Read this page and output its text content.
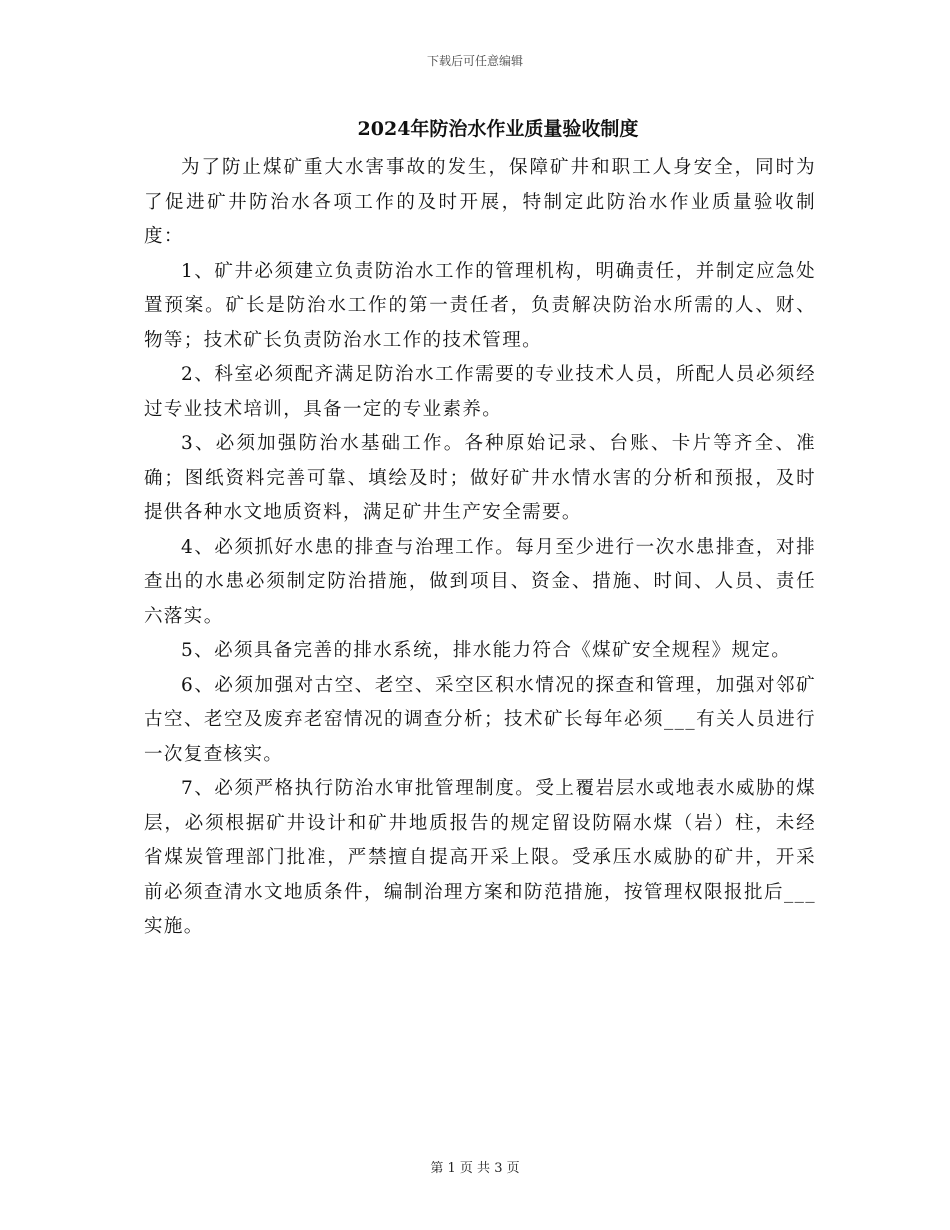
下载后可任意编辑
2024年防治水作业质量验收制度

为了防止煤矿重大水害事故的发生，保障矿井和职工人身安全，同时为了促进矿井防治水各项工作的及时开展，特制定此防治水作业质量验收制度：

1、矿井必须建立负责防治水工作的管理机构，明确责任，并制定应急处置预案。矿长是防治水工作的第一责任者，负责解决防治水所需的人、财、物等；技术矿长负责防治水工作的技术管理。

2、科室必须配齐满足防治水工作需要的专业技术人员，所配人员必须经过专业技术培训，具备一定的专业素养。

3、必须加强防治水基础工作。各种原始记录、台账、卡片等齐全、准确；图纸资料完善可靠、填绘及时；做好矿井水情水害的分析和预报，及时提供各种水文地质资料，满足矿井生产安全需要。

4、必须抓好水患的排查与治理工作。每月至少进行一次水患排查，对排查出的水患必须制定防治措施，做到项目、资金、措施、时间、人员、责任六落实。

5、必须具备完善的排水系统，排水能力符合《煤矿安全规程》规定。

6、必须加强对古空、老空、采空区积水情况的探查和管理，加强对邻矿古空、老空及废弃老窑情况的调查分析；技术矿长每年必须___有关人员进行一次复查核实。

7、必须严格执行防治水审批管理制度。受上覆岩层水或地表水威胁的煤层，必须根据矿井设计和矿井地质报告的规定留设防隔水煤（岩）柱，未经省煤炭管理部门批准，严禁擅自提高开采上限。受承压水威胁的矿井，开采前必须查清水文地质条件，编制治理方案和防范措施，按管理权限报批后___实施。

第 1 页 共 3 页
